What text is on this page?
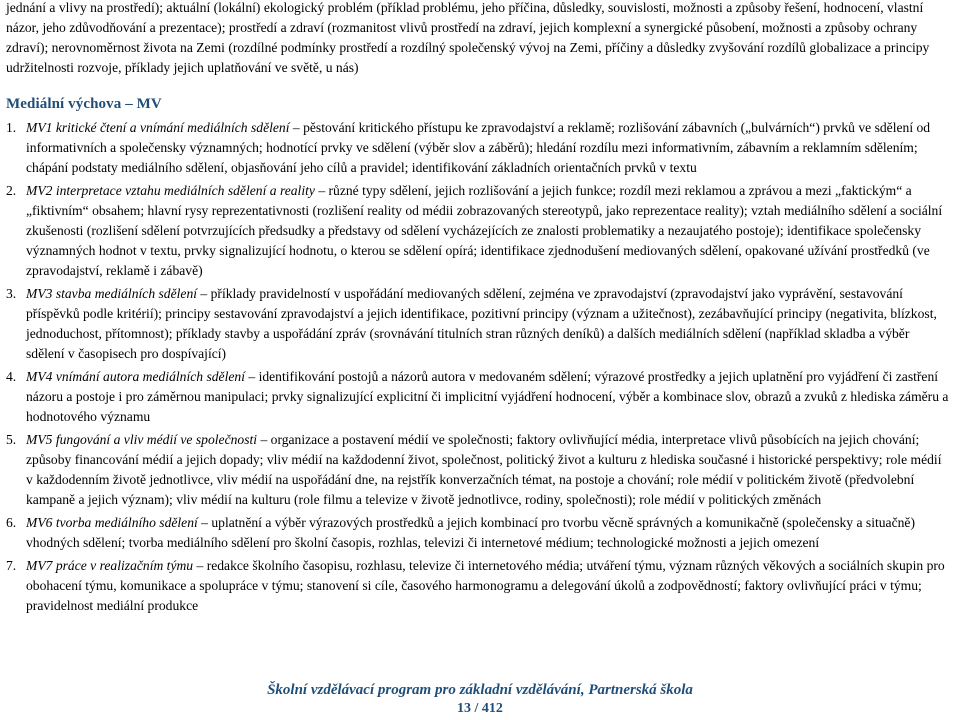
jednání a vlivy na prostředí); aktuální (lokální) ekologický problém (příklad problému, jeho příčina, důsledky, souvislosti, možnosti a způsoby řešení, hodnocení, vlastní názor, jeho zdůvodňování a prezentace); prostředí a zdraví (rozmanitost vlivů prostředí na zdraví, jejich komplexní a synergické působení, možnosti a způsoby ochrany zdraví); nerovnoměrnost života na Zemi (rozdílné podmínky prostředí a rozdílný společenský vývoj na Zemi, příčiny a důsledky zvyšování rozdílů globalizace a principy udržitelnosti rozvoje, příklady jejich uplatňování ve světě, u nás)
Mediální výchova – MV
1. MV1 kritické čtení a vnímání mediálních sdělení – pěstování kritického přístupu ke zpravodajství a reklamě; rozlišování zábavních („bulvárních“) prvků ve sdělení od informativních a společensky významných; hodnotící prvky ve sdělení (výběr slov a záběrů); hledání rozdílu mezi informativním, zábavním a reklamním sdělením; chápání podstaty mediálního sdělení, objasňování jeho cílů a pravidel; identifikování základních orientačních prvků v textu
2. MV2 interpretace vztahu mediálních sdělení a reality – různé typy sdělení, jejich rozlišování a jejich funkce; rozdíl mezi reklamou a zprávou a mezi „faktickým“ a „fiktivním“ obsahem; hlavní rysy reprezentativnosti (rozlišení reality od médii zobrazovaných stereotypů, jako reprezentace reality); vztah mediálního sdělení a sociální zkušenosti (rozlišení sdělení potvrzujících předsudky a představy od sdělení vycházejících ze znalosti problematiky a nezaujatého postoje); identifikace společensky významných hodnot v textu, prvky signalizující hodnotu, o kterou se sdělení opírá; identifikace zjednodušení mediovaných sdělení, opakované užívání prostředků (ve zpravodajství, reklamě i zábavě)
3. MV3 stavba mediálních sdělení – příklady pravidelností v uspořádání mediovaných sdělení, zejména ve zpravodajství (zpravodajství jako vyprávění, sestavování příspěvků podle kritérií); principy sestavování zpravodajství a jejich identifikace, pozitivní principy (význam a užitečnost), zezábavňující principy (negativita, blízkost, jednoduchost, přítomnost); příklady stavby a uspořádání zpráv (srovnávání titulních stran různých deníků) a dalších mediálních sdělení (například skladba a výběr sdělení v časopisech pro dospívající)
4. MV4 vnímání autora mediálních sdělení – identifikování postojů a názorů autora v medovaném sdělení; výrazové prostředky a jejich uplatnění pro vyjádření či zastření názoru a postoje i pro záměrnou manipulaci; prvky signalizující explicitní či implicitní vyjádření hodnocení, výběr a kombinace slov, obrazů a zvuků z hlediska záměru a hodnotového významu
5. MV5 fungování a vliv médií ve společnosti – organizace a postavení médií ve společnosti; faktory ovlivňující média, interpretace vlivů působících na jejich chování; způsoby financování médií a jejich dopady; vliv médií na každodenní život, společnost, politický život a kulturu z hlediska současné i historické perspektivy; role médií v každodenním životě jednotlivce, vliv médií na uspořádání dne, na rejstřík konverzačních témat, na postoje a chování; role médií v politickém životě (předvolební kampaně a jejich význam); vliv médií na kulturu (role filmu a televize v životě jednotlivce, rodiny, společnosti); role médií v politických změnách
6. MV6 tvorba mediálního sdělení – uplatnění a výběr výrazových prostředků a jejich kombinací pro tvorbu věcně správných a komunikačně (společensky a situačně) vhodných sdělení; tvorba mediálního sdělení pro školní časopis, rozhlas, televizi či internetové médium; technologické možnosti a jejich omezení
7. MV7 práce v realizačním týmu – redakce školního časopisu, rozhlasu, televize či internetového média; utváření týmu, význam různých věkových a sociálních skupin pro obohacení týmu, komunikace a spolupráce v týmu; stanovení si cíle, časového harmonogramu a delegování úkolů a zodpovědností; faktory ovlivňující práci v týmu; pravidelnost mediální produkce
Školní vzdělávací program pro základní vzdělávání, Partnerská škola
13 / 412
